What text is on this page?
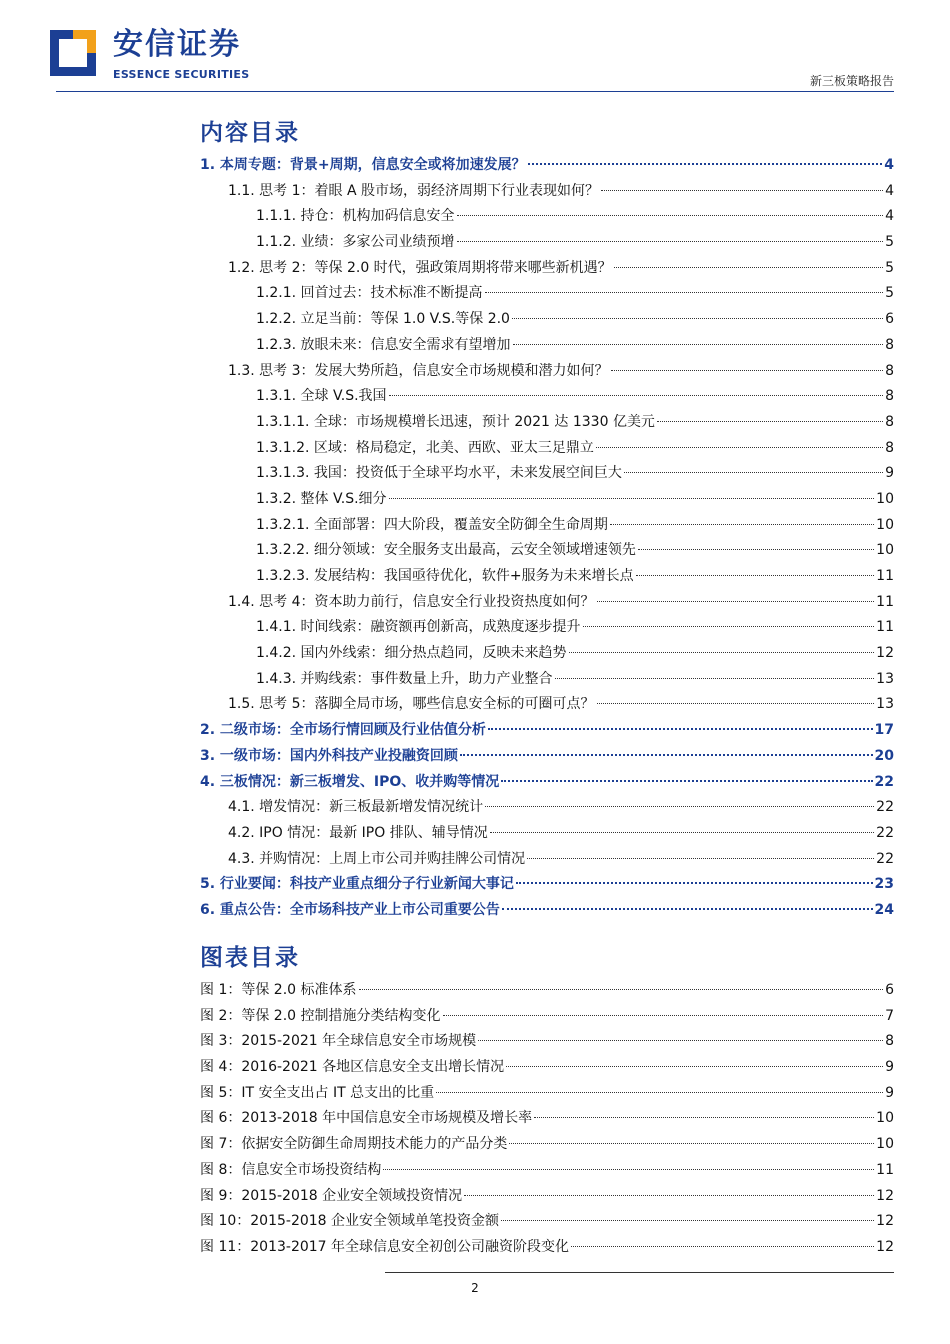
安信证券
ESSENCE SECURITIES	新三板策略报告
内容目录
1. 本周专题：背景+周期，信息安全或将加速发展？	4
1.1. 思考 1：着眼 A 股市场，弱经济周期下行业表现如何？	4
1.1.1. 持仓：机构加码信息安全	4
1.1.2. 业绩：多家公司业绩预增	5
1.2. 思考 2：等保 2.0 时代，强政策周期将带来哪些新机遇？	5
1.2.1. 回首过去：技术标准不断提高	5
1.2.2. 立足当前：等保 1.0 V.S.等保 2.0	6
1.2.3. 放眼未来：信息安全需求有望增加	8
1.3. 思考 3：发展大势所趋，信息安全市场规模和潜力如何？	8
1.3.1. 全球 V.S.我国	8
1.3.1.1. 全球：市场规模增长迅速，预计 2021 达 1330 亿美元	8
1.3.1.2. 区域：格局稳定，北美、西欧、亚太三足鼎立	8
1.3.1.3. 我国：投资低于全球平均水平，未来发展空间巨大	9
1.3.2. 整体 V.S.细分	10
1.3.2.1. 全面部署：四大阶段，覆盖安全防御全生命周期	10
1.3.2.2. 细分领域：安全服务支出最高，云安全领域增速领先	10
1.3.2.3. 发展结构：我国亟待优化，软件+服务为未来增长点	11
1.4. 思考 4：资本助力前行，信息安全行业投资热度如何？	11
1.4.1. 时间线索：融资额再创新高，成熟度逐步提升	11
1.4.2. 国内外线索：细分热点趋同，反映未来趋势	12
1.4.3. 并购线索：事件数量上升，助力产业整合	13
1.5. 思考 5：落脚全局市场，哪些信息安全标的可圈可点？	13
2. 二级市场：全市场行情回顾及行业估值分析	17
3. 一级市场：国内外科技产业投融资回顾	20
4. 三板情况：新三板增发、IPO、收并购等情况	22
4.1. 增发情况：新三板最新增发情况统计	22
4.2. IPO 情况：最新 IPO 排队、辅导情况	22
4.3. 并购情况：上周上市公司并购挂牌公司情况	22
5. 行业要闻：科技产业重点细分子行业新闻大事记	23
6. 重点公告：全市场科技产业上市公司重要公告	24
图表目录
图 1：等保 2.0 标准体系	6
图 2：等保 2.0 控制措施分类结构变化	7
图 3：2015-2021 年全球信息安全市场规模	8
图 4：2016-2021 各地区信息安全支出增长情况	9
图 5：IT 安全支出占 IT 总支出的比重	9
图 6：2013-2018 年中国信息安全市场规模及增长率	10
图 7：依据安全防御生命周期技术能力的产品分类	10
图 8：信息安全市场投资结构	11
图 9：2015-2018 企业安全领域投资情况	12
图 10：2015-2018 企业安全领域单笔投资金额	12
图 11：2013-2017 年全球信息安全初创公司融资阶段变化	12
2
